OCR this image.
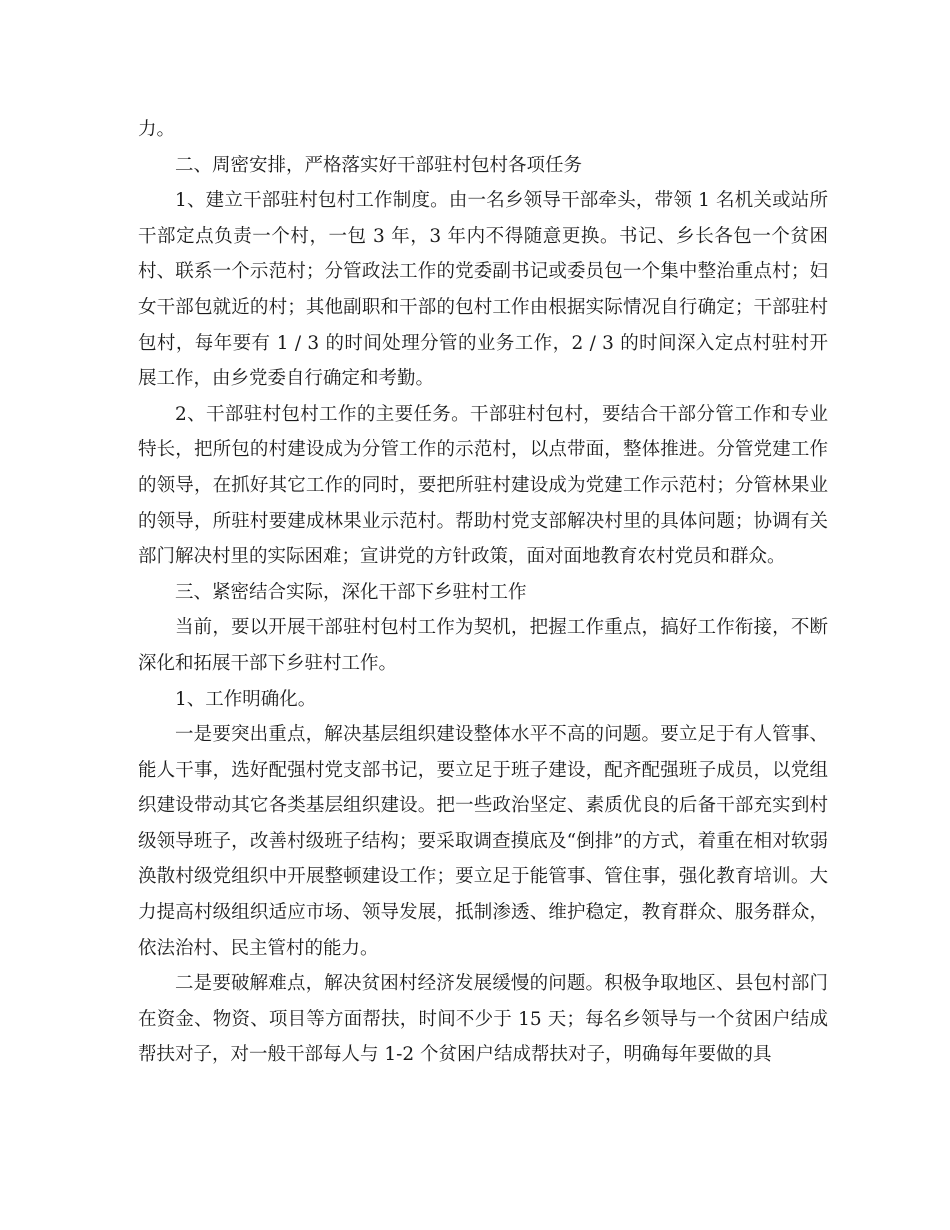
力。

二、周密安排，严格落实好干部驻村包村各项任务

1、建立干部驻村包村工作制度。由一名乡领导干部牵头，带领 1 名机关或站所干部定点负责一个村，一包 3 年，3 年内不得随意更换。书记、乡长各包一个贫困村、联系一个示范村；分管政法工作的党委副书记或委员包一个集中整治重点村；妇女干部包就近的村；其他副职和干部的包村工作由根据实际情况自行确定；干部驻村包村，每年要有 1 / 3 的时间处理分管的业务工作，2 / 3 的时间深入定点村驻村开展工作，由乡党委自行确定和考勤。

2、干部驻村包村工作的主要任务。干部驻村包村，要结合干部分管工作和专业特长，把所包的村建设成为分管工作的示范村，以点带面，整体推进。分管党建工作的领导，在抓好其它工作的同时，要把所驻村建设成为党建工作示范村；分管林果业的领导，所驻村要建成林果业示范村。帮助村党支部解决村里的具体问题；协调有关部门解决村里的实际困难；宣讲党的方针政策，面对面地教育农村党员和群众。

三、紧密结合实际，深化干部下乡驻村工作

当前，要以开展干部驻村包村工作为契机，把握工作重点，搞好工作衔接，不断深化和拓展干部下乡驻村工作。

1、工作明确化。

一是要突出重点，解决基层组织建设整体水平不高的问题。要立足于有人管事、能人干事，选好配强村党支部书记，要立足于班子建设，配齐配强班子成员，以党组织建设带动其它各类基层组织建设。把一些政治坚定、素质优良的后备干部充实到村级领导班子，改善村级班子结构；要采取调查摸底及“倒排”的方式，着重在相对软弱涣散村级党组织中开展整顿建设工作；要立足于能管事、管住事，强化教育培训。大力提高村级组织适应市场、领导发展，抵制渗透、维护稳定，教育群众、服务群众，依法治村、民主管村的能力。

二是要破解难点，解决贫困村经济发展缓慢的问题。积极争取地区、县包村部门在资金、物资、项目等方面帮扶，时间不少于 15 天；每名乡领导与一个贫困户结成帮扶对子，对一般干部每人与 1-2 个贫困户结成帮扶对子，明确每年要做的具
